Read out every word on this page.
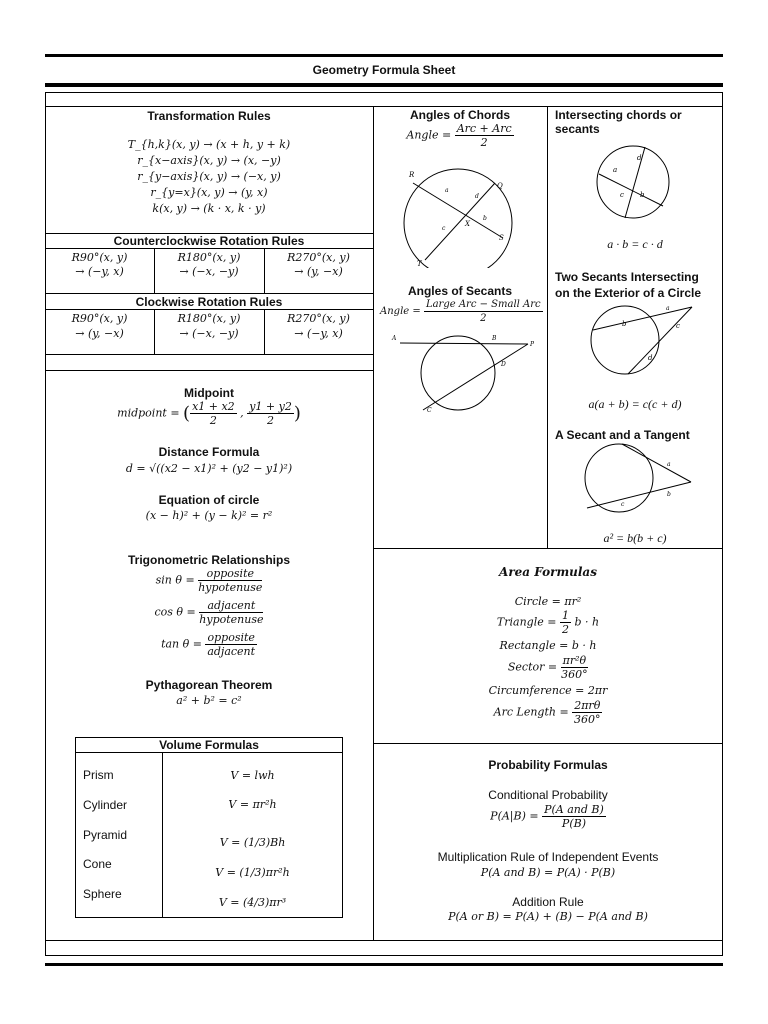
Geometry Formula Sheet
Transformation Rules
T_{h,k}(x, y) → (x + h, y + k)
r_{x−axis}(x, y) → (x, −y)
r_{y−axis}(x, y) → (−x, y)
r_{y=x}(x, y) → (y, x)
k(x, y) → (k · x, k · y)
Counterclockwise Rotation Rules
R90°(x, y)
→ (−y, x)
R180°(x, y)
→ (−x, −y)
R270°(x, y)
→ (y, −x)
Clockwise Rotation Rules
R90°(x, y)
→ (y, −x)
R180°(x, y)
→ (−x, −y)
R270°(x, y)
→ (−y, x)
Midpoint
midpoint = ( $\frac{x1 + x2}{2}$ , $\frac{y1 + y2}{2}$ )
Distance Formula
d = √((x2 − x1)² + (y2 − y1)²)
Equation of circle
(x − h)² + (y − k)² = r²
Trigonometric Relationships
$\sin \theta = \frac{\text{opposite}}{\text{hypotenuse}}$
$\cos \theta = \frac{\text{adjacent}}{\text{hypotenuse}}$
$\tan \theta = \frac{\text{opposite}}{\text{adjacent}}$
Pythagorean Theorem
a² + b² = c²
Volume Formulas
Prism	V = lwh
Cylinder	V = πr²h
Pyramid
V = (1/3)Bh
Cone
V = (1/3)πr²h
Sphere
V = (4/3)πr³
Angles of Chords
Angle = $\frac{\text{Arc + Arc}}{2}$
R
Q
S
T
X
a
b
c
d
Angles of Secants
Angle = $\frac{\text{Large Arc − Small Arc}}{2}$
A	B
D
P
C
Intersecting chords or
secants
a
b
c
d
a · b = c · d
Two Secants Intersecting
on the Exterior of a Circle
a
b	c
d
a(a + b) = c(c + d)
A Secant and a Tangent
a
b
c
a² = b(b + c)
Area Formulas
Circle = πr²
Triangle = $\frac{1}{2}$ b · h
Rectangle = b · h
Sector = $\frac{\text{πr²θ}}{360^\circ}$
Circumference = 2πr
Arc Length = $\frac{\text{2πrθ}}{360^\circ}$
Probability Formulas
Conditional Probability
$P(A|B) = \frac{\text{P(A and B)}}{P(B)}$
Multiplication Rule of Independent Events
P(A and B) = P(A) · P(B)
Addition Rule
P(A or B) = P(A) + (B) − P(A and B)
